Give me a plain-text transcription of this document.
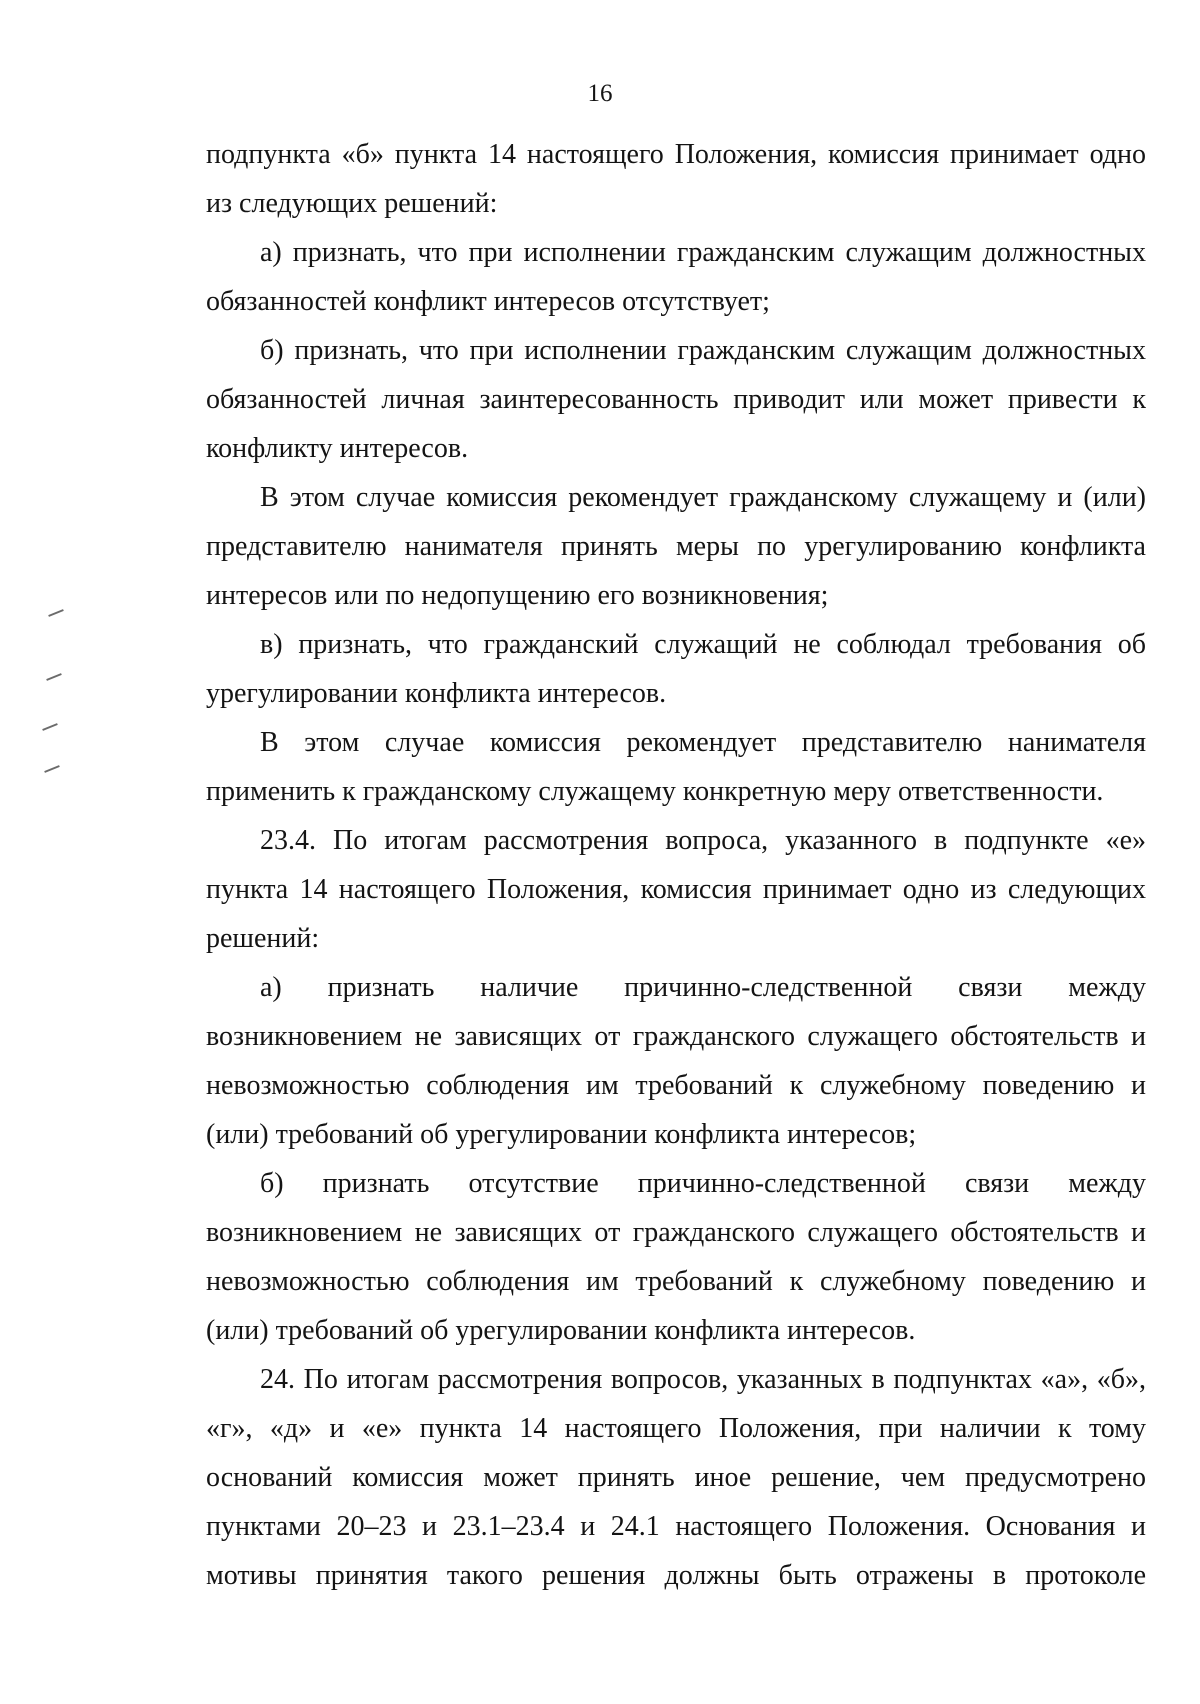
16

подпункта «б» пункта 14 настоящего Положения, комиссия принимает одно из следующих решений:

а) признать, что при исполнении гражданским служащим должностных обязанностей конфликт интересов отсутствует;

б) признать, что при исполнении гражданским служащим должностных обязанностей личная заинтересованность приводит или может привести к конфликту интересов.

В этом случае комиссия рекомендует гражданскому служащему и (или) представителю нанимателя принять меры по урегулированию конфликта интересов или по недопущению его возникновения;

в) признать, что гражданский служащий не соблюдал требования об урегулировании конфликта интересов.

В этом случае комиссия рекомендует представителю нанимателя применить к гражданскому служащему конкретную меру ответственности.

23.4. По итогам рассмотрения вопроса, указанного в подпункте «е» пункта 14 настоящего Положения, комиссия принимает одно из следующих решений:

а) признать наличие причинно-следственной связи между возникновением не зависящих от гражданского служащего обстоятельств и невозможностью соблюдения им требований к служебному поведению и (или) требований об урегулировании конфликта интересов;

б) признать отсутствие причинно-следственной связи между возникновением не зависящих от гражданского служащего обстоятельств и невозможностью соблюдения им требований к служебному поведению и (или) требований об урегулировании конфликта интересов.

24. По итогам рассмотрения вопросов, указанных в подпунктах «а», «б», «г», «д» и «е» пункта 14 настоящего Положения, при наличии к тому оснований комиссия может принять иное решение, чем предусмотрено пунктами 20–23 и 23.1–23.4 и 24.1 настоящего Положения. Основания и мотивы принятия такого решения должны быть отражены в протоколе
